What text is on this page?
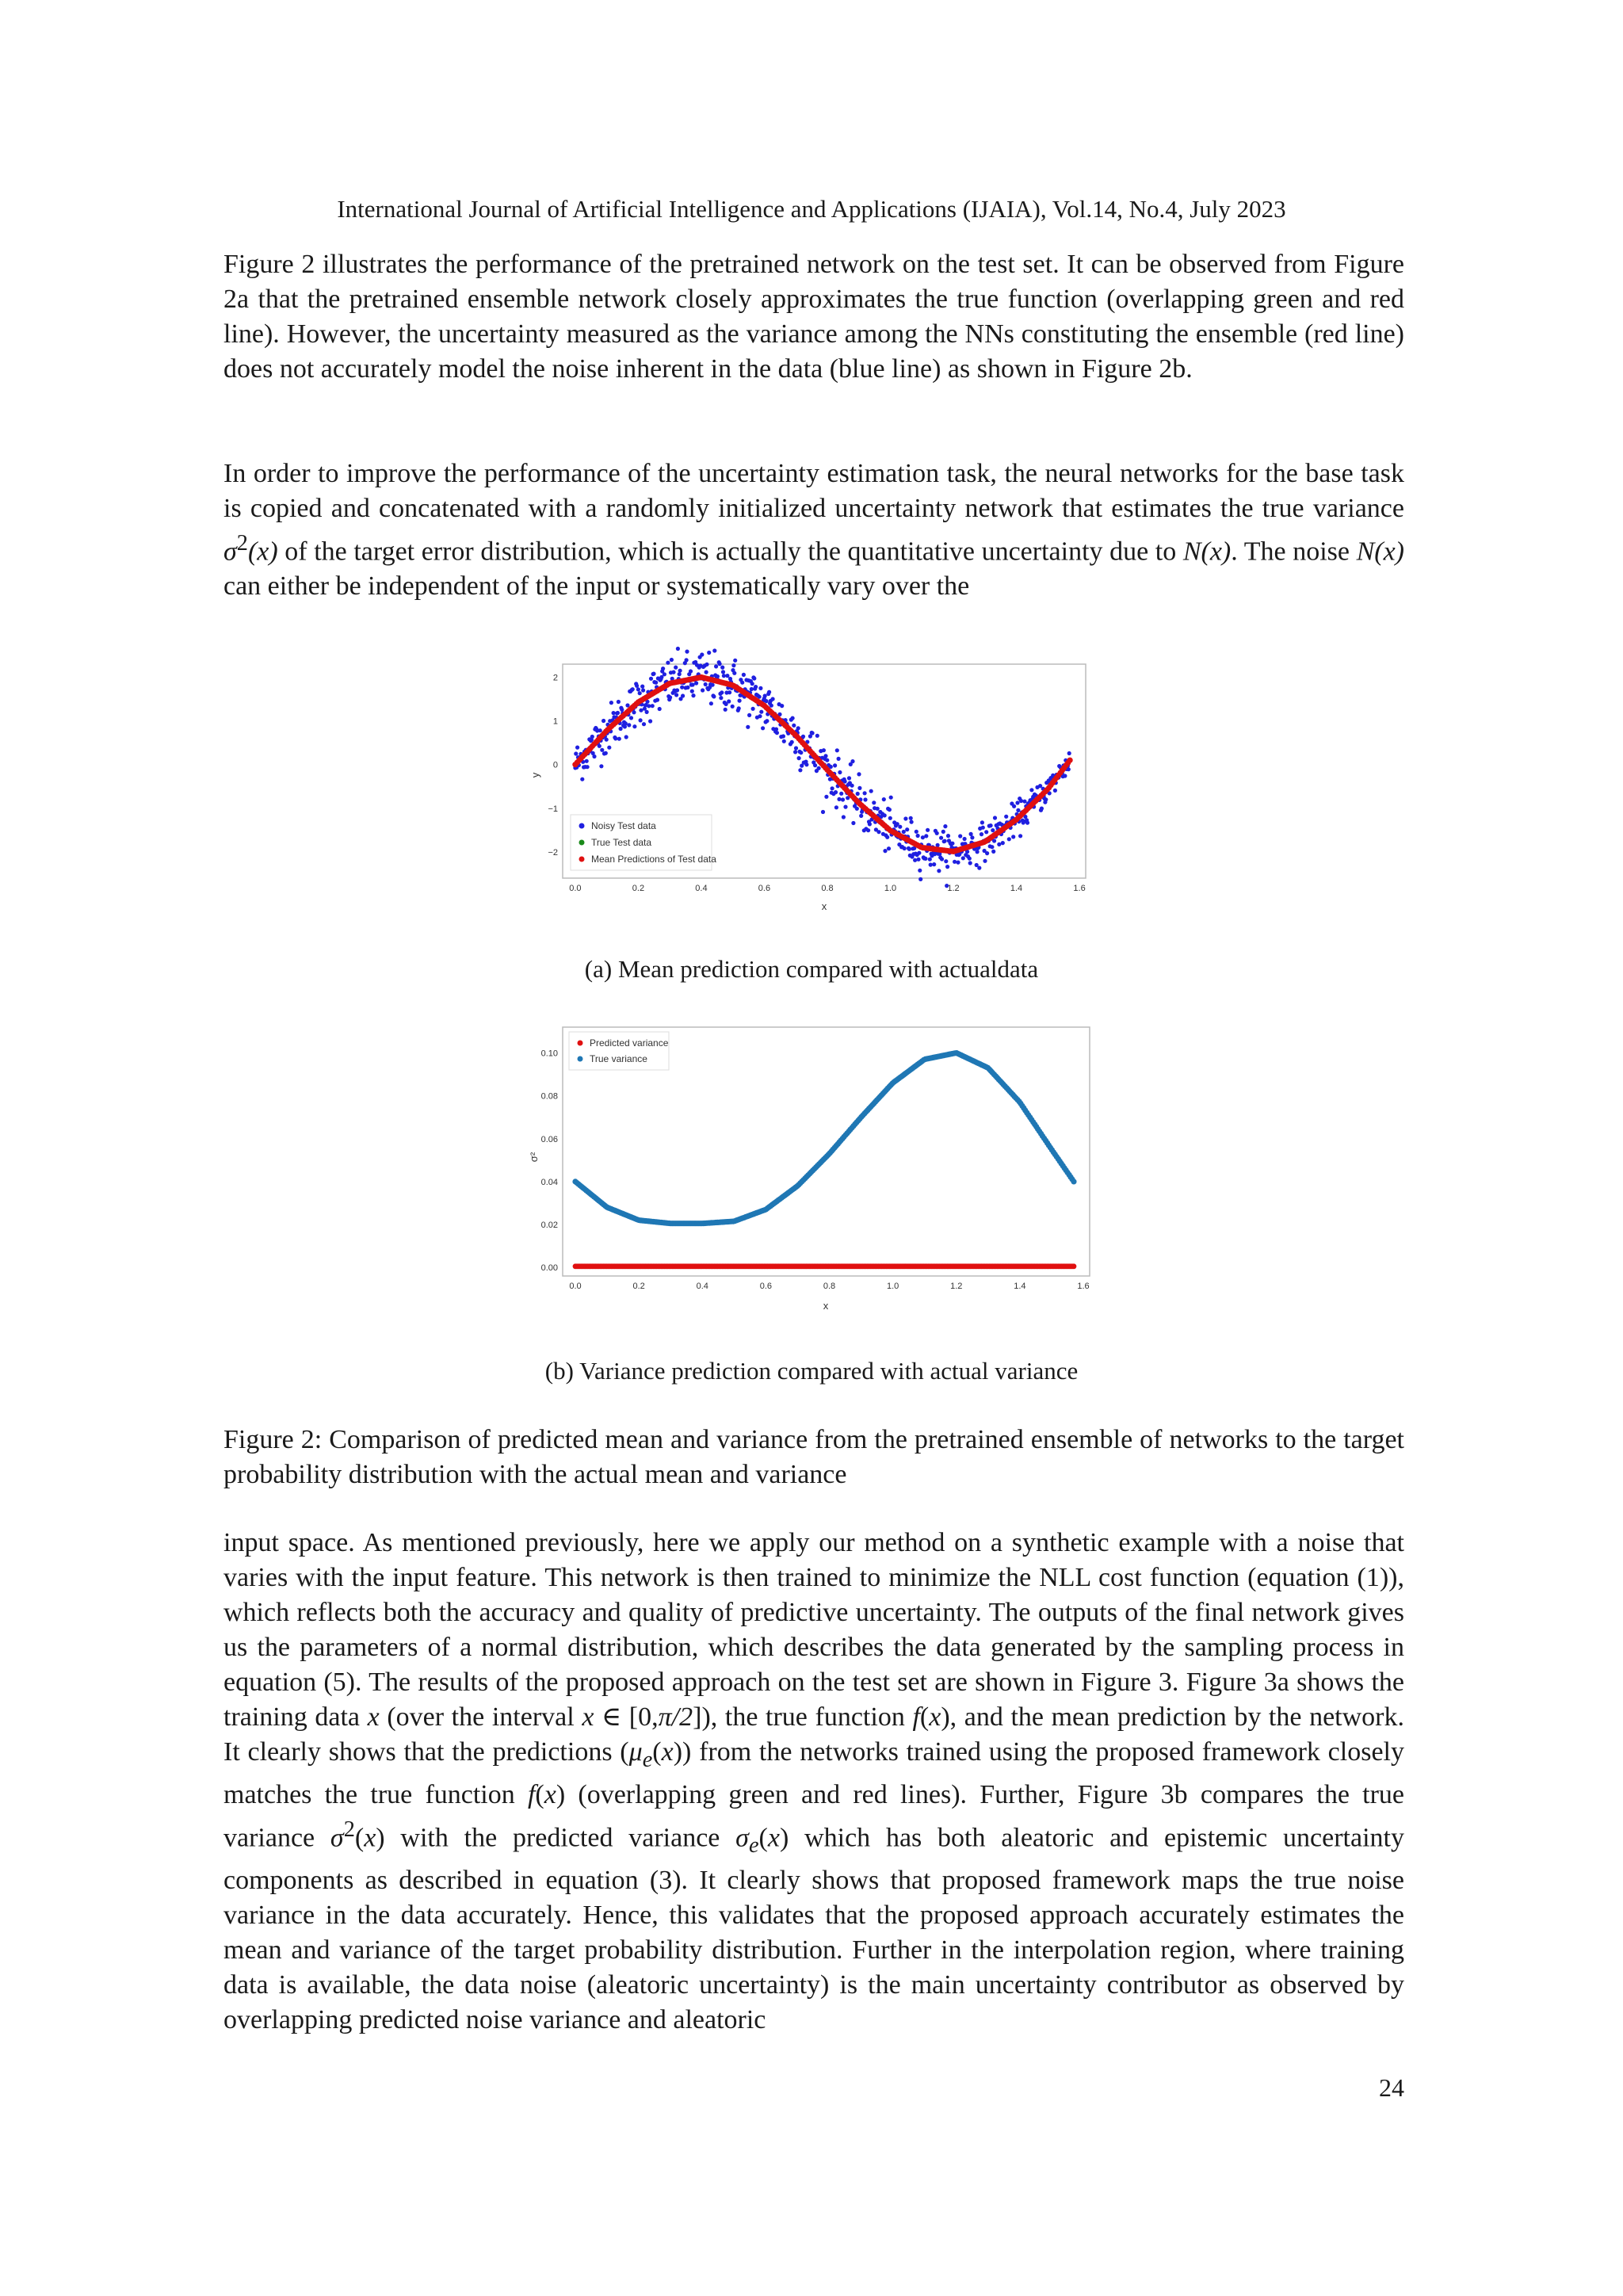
International Journal of Artificial Intelligence and Applications (IJAIA), Vol.14, No.4, July 2023

Figure 2 illustrates the performance of the pretrained network on the test set. It can be observed from Figure 2a that the pretrained ensemble network closely approximates the true function (overlapping green and red line). However, the uncertainty measured as the variance among the NNs constituting the ensemble (red line) does not accurately model the noise inherent in the data (blue line) as shown in Figure 2b.

In order to improve the performance of the uncertainty estimation task, the neural networks for the base task is copied and concatenated with a randomly initialized uncertainty network that estimates the true variance $\sigma^2(x)$ of the target error distribution, which is actually the quantitative uncertainty due to N(x). The noise N(x) can either be independent of the input or systematically vary over the

0.0	0.2	0.4	0.6	0.8	1.0	1.2	1.4	1.6
2
1
0
−1
−2
x
y
Noisy Test data
True Test data
Mean Predictions of Test data
(a) Mean prediction compared with actualdata
0.0	0.2	0.4	0.6	0.8	1.0	1.2	1.4	1.6
0.10
0.08
0.06
0.04
0.02
0.00
x
σ²
Predicted variance
True variance
(b) Variance prediction compared with actual variance

Figure 2: Comparison of predicted mean and variance from the pretrained ensemble of networks to the target probability distribution with the actual mean and variance

input space. As mentioned previously, here we apply our method on a synthetic example with a noise that varies with the input feature. This network is then trained to minimize the NLL cost function (equation (1)), which reflects both the accuracy and quality of predictive uncertainty. The outputs of the final network gives us the parameters of a normal distribution, which describes the data generated by the sampling process in equation (5). The results of the proposed approach on the test set are shown in Figure 3. Figure 3a shows the training data x (over the interval x ∈ [0,π/2]), the true function f(x), and the mean prediction by the network. It clearly shows that the predictions $(\mu_e(x))$ from the networks trained using the proposed framework closely matches the true function f(x) (overlapping green and red lines). Further, Figure 3b compares the true variance $\sigma^2(x)$ with the predicted variance $\sigma_e(x)$ which has both aleatoric and epistemic uncertainty components as described in equation (3). It clearly shows that proposed framework maps the true noise variance in the data accurately. Hence, this validates that the proposed approach accurately estimates the mean and variance of the target probability distribution. Further in the interpolation region, where training data is available, the data noise (aleatoric uncertainty) is the main uncertainty contributor as observed by overlapping predicted noise variance and aleatoric

24
